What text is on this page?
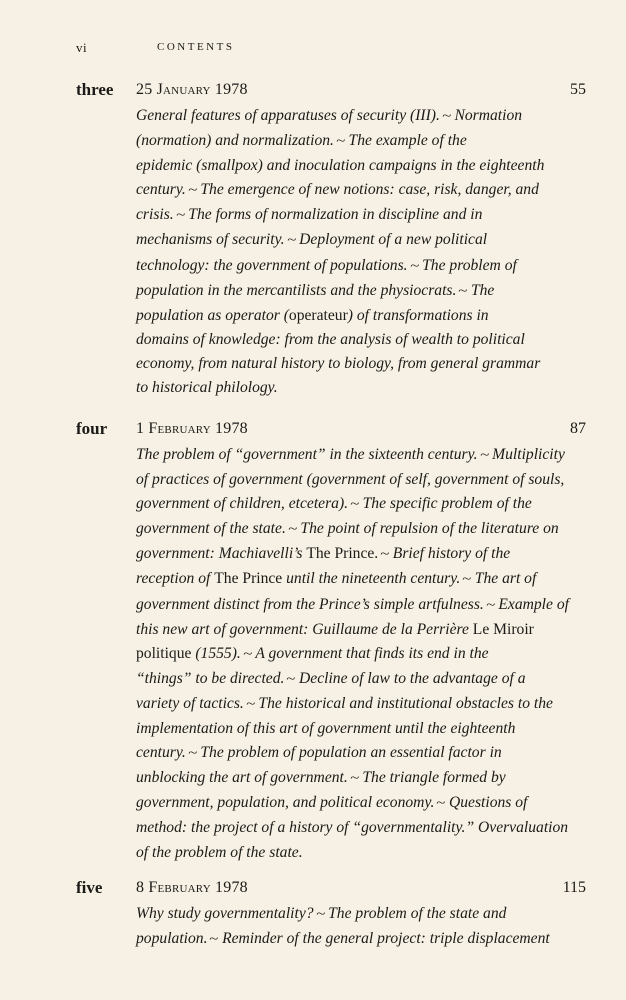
vi	CONTENTS
three 25 January 1978	55
General features of apparatuses of security (III). ~ Normation
(normation) and normalization. ~ The example of the
epidemic (smallpox) and inoculation campaigns in the eighteenth
century. ~ The emergence of new notions: case, risk, danger, and
crisis. ~ The forms of normalization in discipline and in
mechanisms of security. ~ Deployment of a new political
technology: the government of populations. ~ The problem of
population in the mercantilists and the physiocrats. ~ The
population as operator (operateur) of transformations in
domains of knowledge: from the analysis of wealth to political
economy, from natural history to biology, from general grammar
to historical philology.
four 1 February 1978	87
The problem of “government” in the sixteenth century. ~ Multiplicity
of practices of government (government of self, government of souls,
government of children, etcetera). ~ The specific problem of the
government of the state. ~ The point of repulsion of the literature on
government: Machiavelli’s The Prince. ~ Brief history of the
reception of The Prince until the nineteenth century. ~ The art of
government distinct from the Prince’s simple artfulness. ~ Example of
this new art of government: Guillaume de la Perrière Le Miroir
politique (1555). ~ A government that finds its end in the
“things” to be directed. ~ Decline of law to the advantage of a
variety of tactics. ~ The historical and institutional obstacles to the
implementation of this art of government until the eighteenth
century. ~ The problem of population an essential factor in
unblocking the art of government. ~ The triangle formed by
government, population, and political economy. ~ Questions of
method: the project of a history of “governmentality.” Overvaluation
of the problem of the state.
five 8 February 1978	115
Why study governmentality? ~ The problem of the state and
population. ~ Reminder of the general project: triple displacement
